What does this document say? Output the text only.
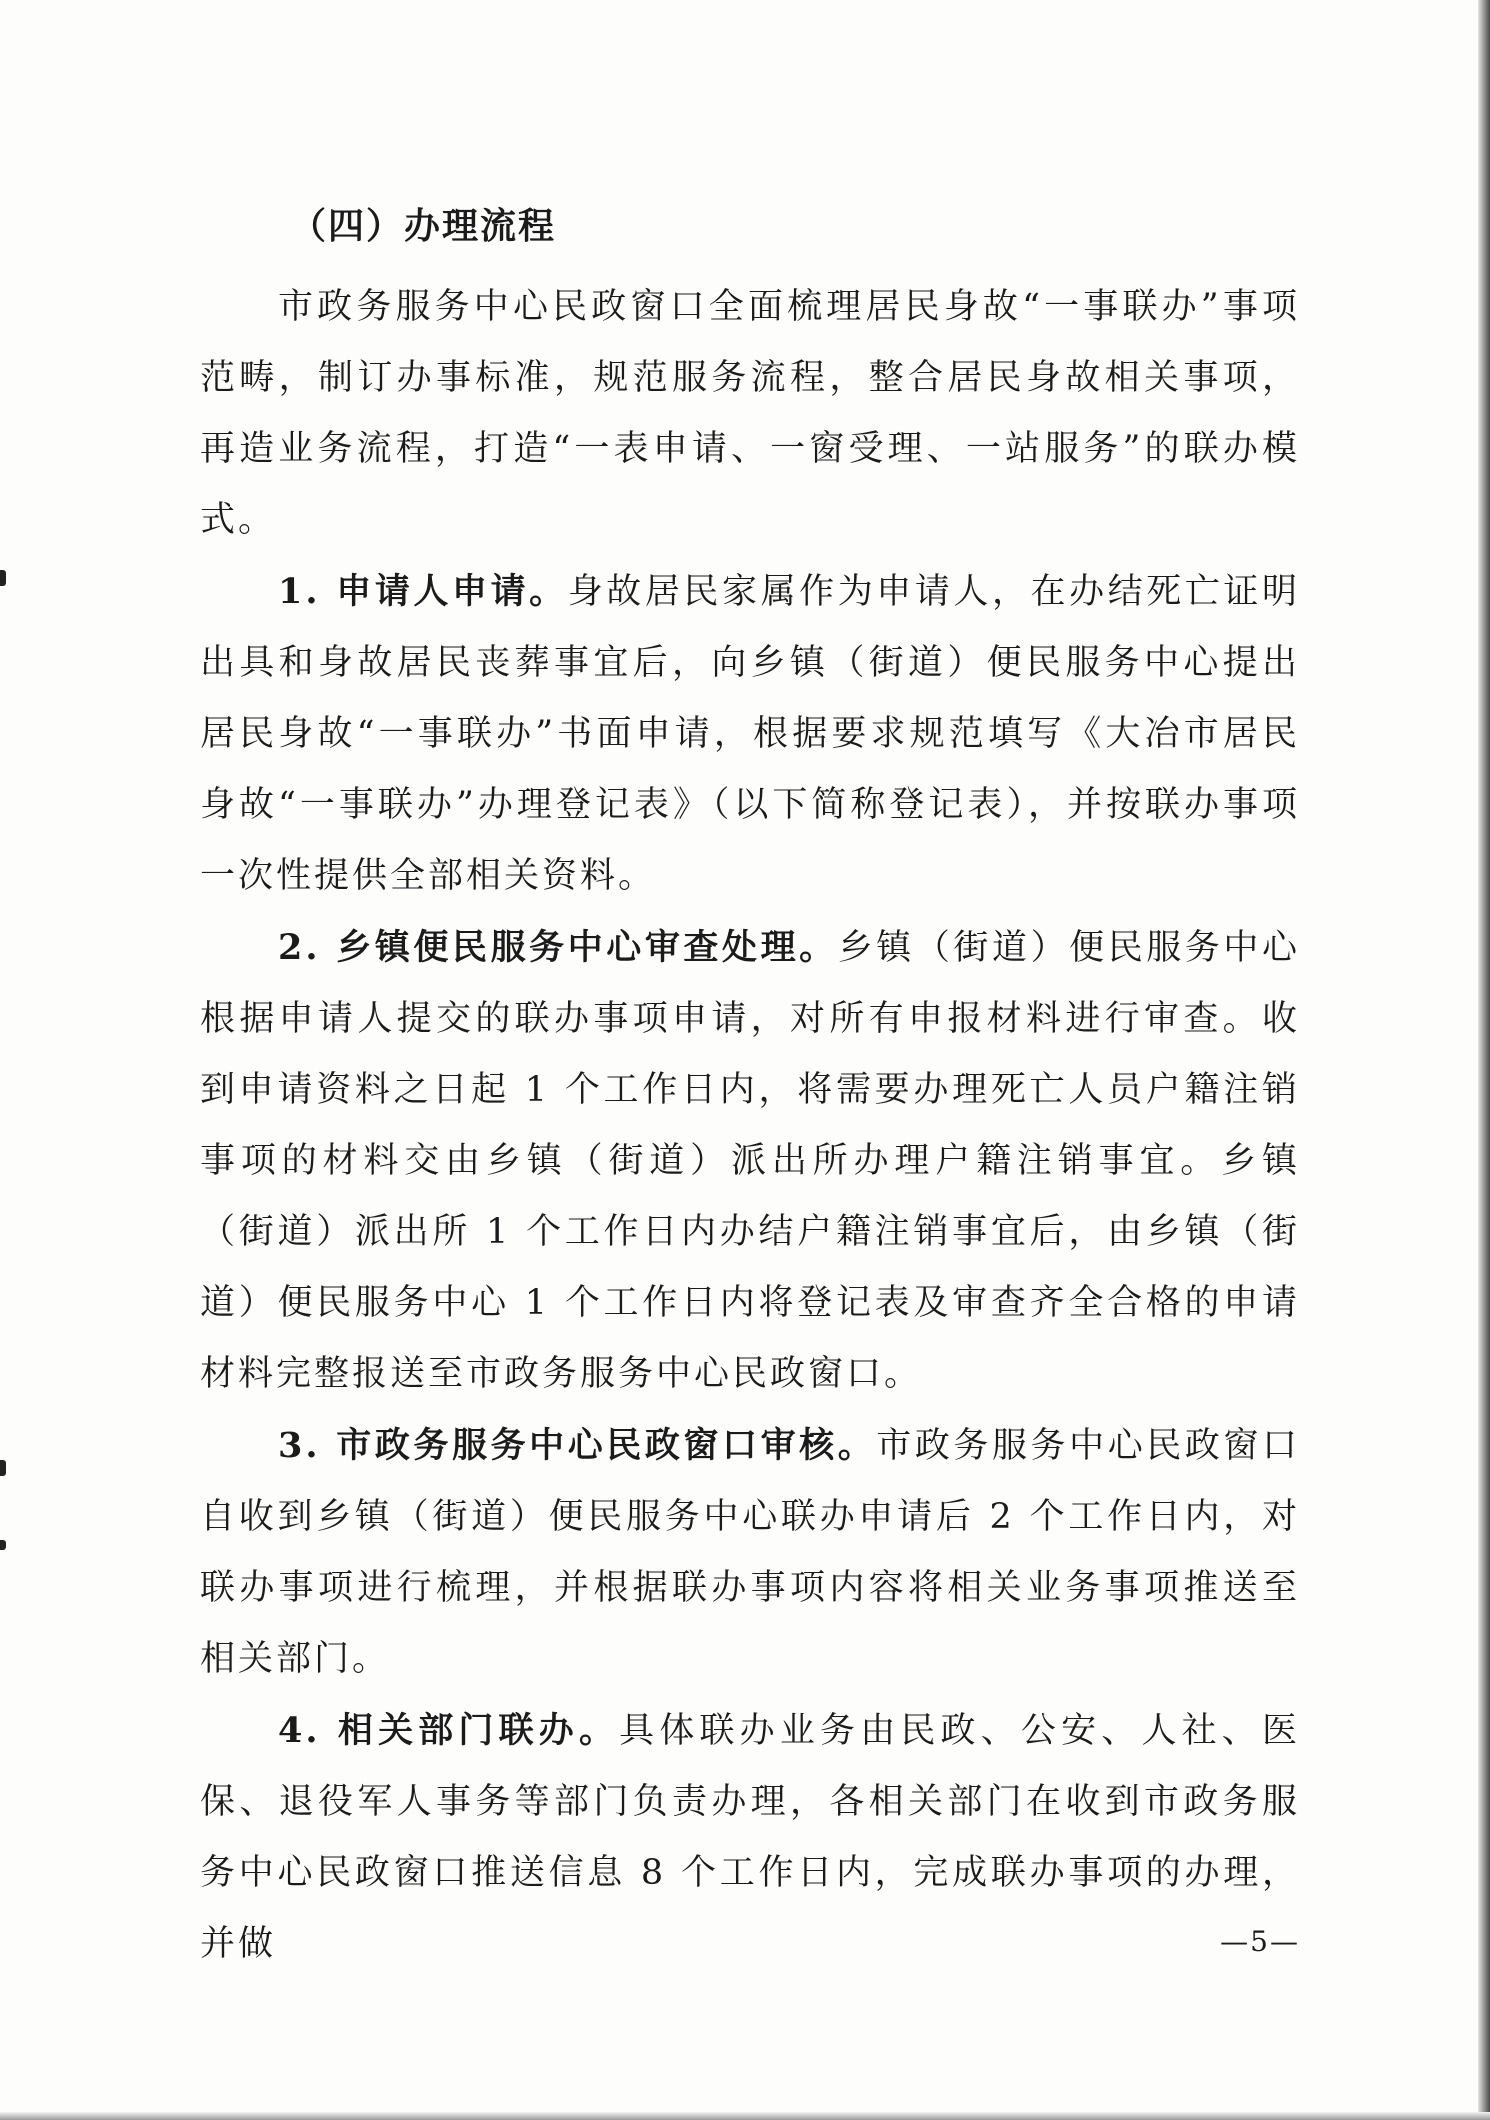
（四）办理流程

市政务服务中心民政窗口全面梳理居民身故“一事联办”事项范畴，制订办事标准，规范服务流程，整合居民身故相关事项，再造业务流程，打造“一表申请、一窗受理、一站服务”的联办模式。

1. 申请人申请。身故居民家属作为申请人，在办结死亡证明出具和身故居民丧葬事宜后，向乡镇（街道）便民服务中心提出居民身故“一事联办”书面申请，根据要求规范填写《大冶市居民身故“一事联办”办理登记表》（以下简称登记表），并按联办事项一次性提供全部相关资料。

2. 乡镇便民服务中心审查处理。乡镇（街道）便民服务中心根据申请人提交的联办事项申请，对所有申报材料进行审查。收到申请资料之日起 1 个工作日内，将需要办理死亡人员户籍注销事项的材料交由乡镇（街道）派出所办理户籍注销事宜。乡镇（街道）派出所 1 个工作日内办结户籍注销事宜后，由乡镇（街道）便民服务中心 1 个工作日内将登记表及审查齐全合格的申请材料完整报送至市政务服务中心民政窗口。

3. 市政务服务中心民政窗口审核。市政务服务中心民政窗口自收到乡镇（街道）便民服务中心联办申请后 2 个工作日内，对联办事项进行梳理，并根据联办事项内容将相关业务事项推送至相关部门。

4. 相关部门联办。具体联办业务由民政、公安、人社、医保、退役军人事务等部门负责办理，各相关部门在收到市政务服务中心民政窗口推送信息 8 个工作日内，完成联办事项的办理，并做	—5—
